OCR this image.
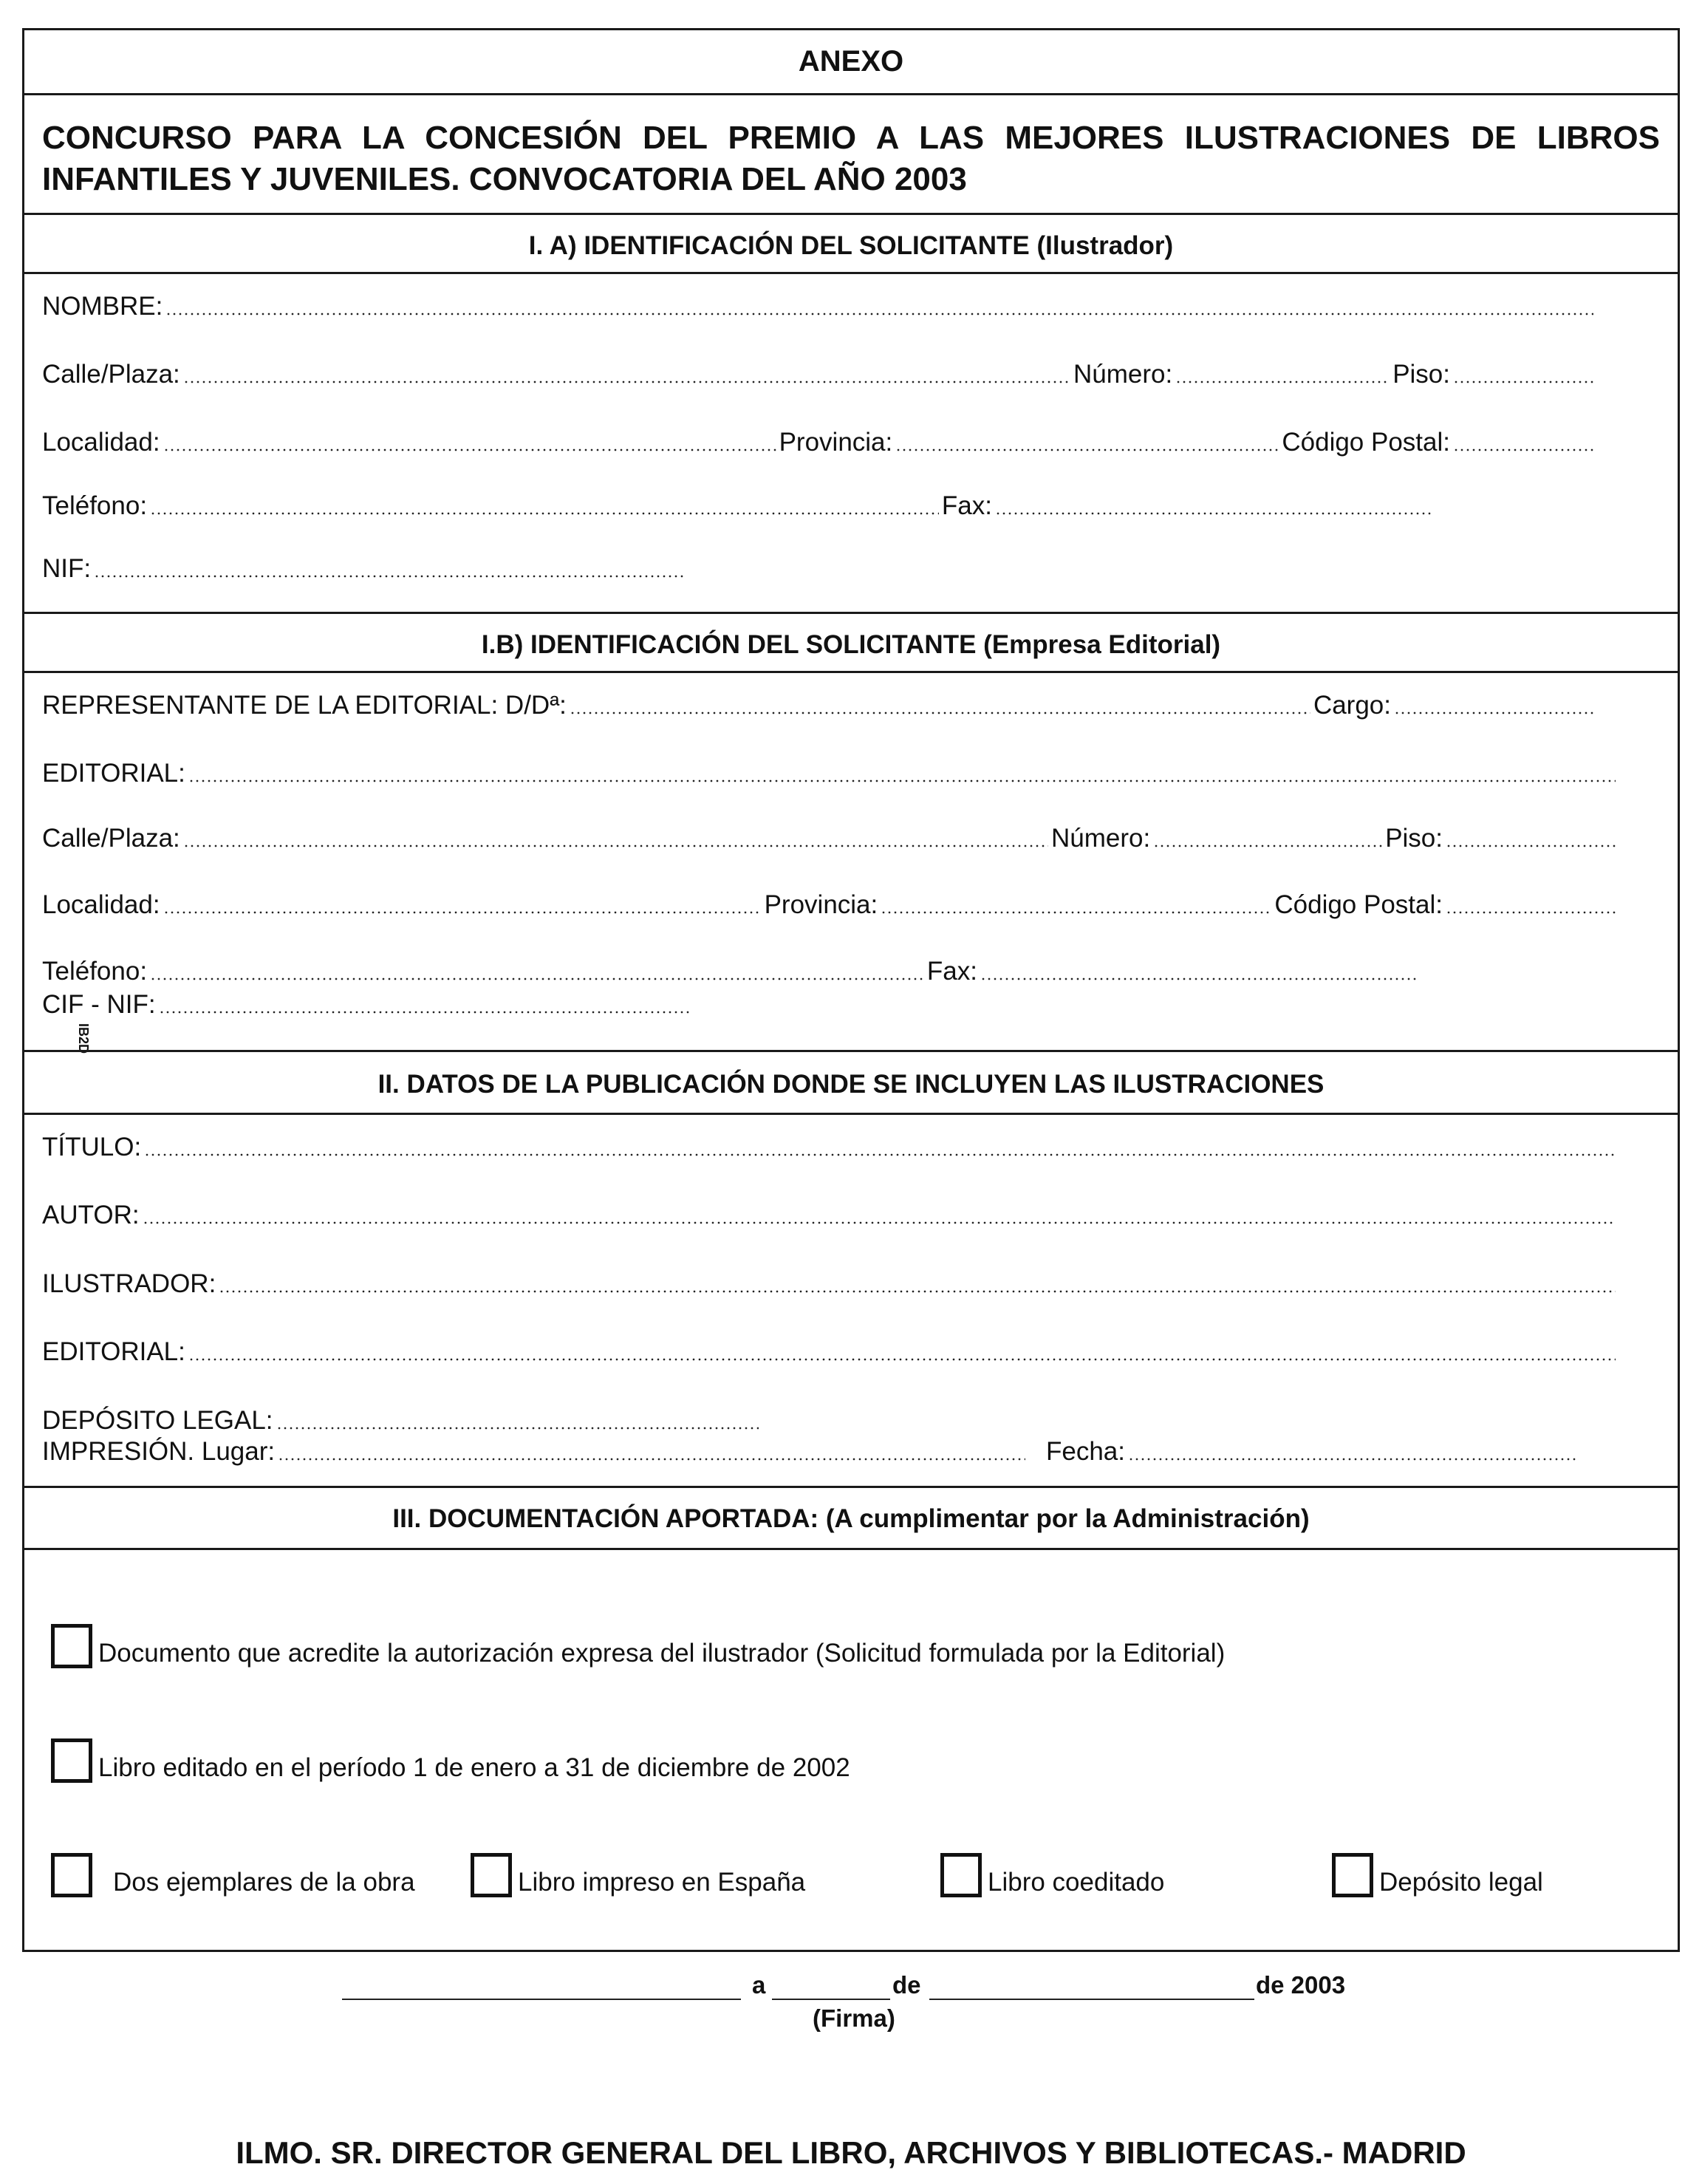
ANEXO
CONCURSO PARA LA CONCESIÓN DEL PREMIO A LAS MEJORES ILUSTRACIONES DE LIBROS INFANTILES Y JUVENILES. CONVOCATORIA DEL AÑO 2003
I. A) IDENTIFICACIÓN DEL SOLICITANTE (Ilustrador)
NOMBRE:
Calle/Plaza:	Número:	Piso:
Localidad:	Provincia:	Código Postal:
Teléfono:	Fax:
NIF:
I.B) IDENTIFICACIÓN DEL SOLICITANTE (Empresa Editorial)
REPRESENTANTE DE LA EDITORIAL: D/Dª:	Cargo:
EDITORIAL:
Calle/Plaza:	Número:	Piso:
Localidad:	Provincia:	Código Postal:
Teléfono:	Fax:
CIF - NIF:
IB2D
II. DATOS DE LA PUBLICACIÓN DONDE SE INCLUYEN LAS ILUSTRACIONES
TÍTULO:
AUTOR:
ILUSTRADOR:
EDITORIAL:
DEPÓSITO LEGAL:
IMPRESIÓN. Lugar:	Fecha:
III. DOCUMENTACIÓN APORTADA: (A cumplimentar por la Administración)
Documento que acredite la autorización expresa del ilustrador (Solicitud formulada por la Editorial)
Libro editado en el período 1 de enero a 31 de diciembre de 2002
Dos ejemplares de la obra	Libro impreso en España	Libro coeditado	Depósito legal
a	de	de 2003
(Firma)
ILMO. SR. DIRECTOR GENERAL DEL LIBRO, ARCHIVOS Y BIBLIOTECAS.- MADRID
